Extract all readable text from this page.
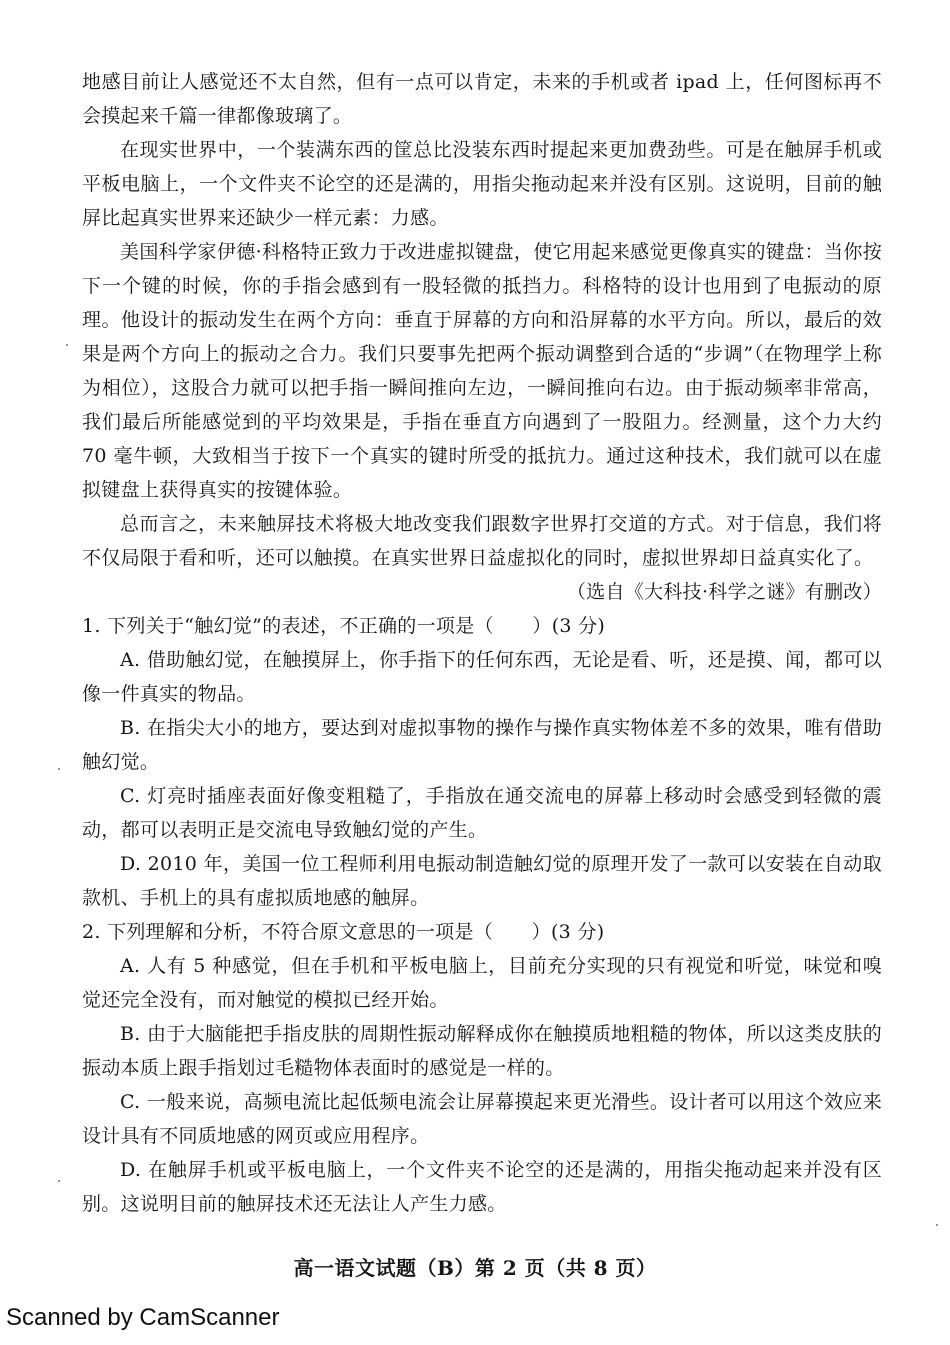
地感目前让人感觉还不太自然，但有一点可以肯定，未来的手机或者 ipad 上，任何图标再不会摸起来千篇一律都像玻璃了。

在现实世界中，一个装满东西的筐总比没装东西时提起来更加费劲些。可是在触屏手机或平板电脑上，一个文件夹不论空的还是满的，用指尖拖动起来并没有区别。这说明，目前的触屏比起真实世界来还缺少一样元素：力感。

美国科学家伊德·科格特正致力于改进虚拟键盘，使它用起来感觉更像真实的键盘：当你按下一个键的时候，你的手指会感到有一股轻微的抵挡力。科格特的设计也用到了电振动的原理。他设计的振动发生在两个方向：垂直于屏幕的方向和沿屏幕的水平方向。所以，最后的效果是两个方向上的振动之合力。我们只要事先把两个振动调整到合适的“步调”（在物理学上称为相位），这股合力就可以把手指一瞬间推向左边，一瞬间推向右边。由于振动频率非常高，我们最后所能感觉到的平均效果是，手指在垂直方向遇到了一股阻力。经测量，这个力大约 70 毫牛顿，大致相当于按下一个真实的键时所受的抵抗力。通过这种技术，我们就可以在虚拟键盘上获得真实的按键体验。

总而言之，未来触屏技术将极大地改变我们跟数字世界打交道的方式。对于信息，我们将不仅局限于看和听，还可以触摸。在真实世界日益虚拟化的同时，虚拟世界却日益真实化了。

（选自《大科技·科学之谜》有删改）

1. 下列关于“触幻觉”的表述，不正确的一项是（　　）(3 分)

A. 借助触幻觉，在触摸屏上，你手指下的任何东西，无论是看、听，还是摸、闻，都可以像一件真实的物品。

B. 在指尖大小的地方，要达到对虚拟事物的操作与操作真实物体差不多的效果，唯有借助触幻觉。

C. 灯亮时插座表面好像变粗糙了，手指放在通交流电的屏幕上移动时会感受到轻微的震动，都可以表明正是交流电导致触幻觉的产生。

D. 2010 年，美国一位工程师利用电振动制造触幻觉的原理开发了一款可以安装在自动取款机、手机上的具有虚拟质地感的触屏。

2. 下列理解和分析，不符合原文意思的一项是（　　）(3 分)

A. 人有 5 种感觉，但在手机和平板电脑上，目前充分实现的只有视觉和听觉，味觉和嗅觉还完全没有，而对触觉的模拟已经开始。

B. 由于大脑能把手指皮肤的周期性振动解释成你在触摸质地粗糙的物体，所以这类皮肤的振动本质上跟手指划过毛糙物体表面时的感觉是一样的。

C. 一般来说，高频电流比起低频电流会让屏幕摸起来更光滑些。设计者可以用这个效应来设计具有不同质地感的网页或应用程序。

D. 在触屏手机或平板电脑上，一个文件夹不论空的还是满的，用指尖拖动起来并没有区别。这说明目前的触屏技术还无法让人产生力感。

高一语文试题（B）第 2 页（共 8 页）
Scanned by CamScanner
